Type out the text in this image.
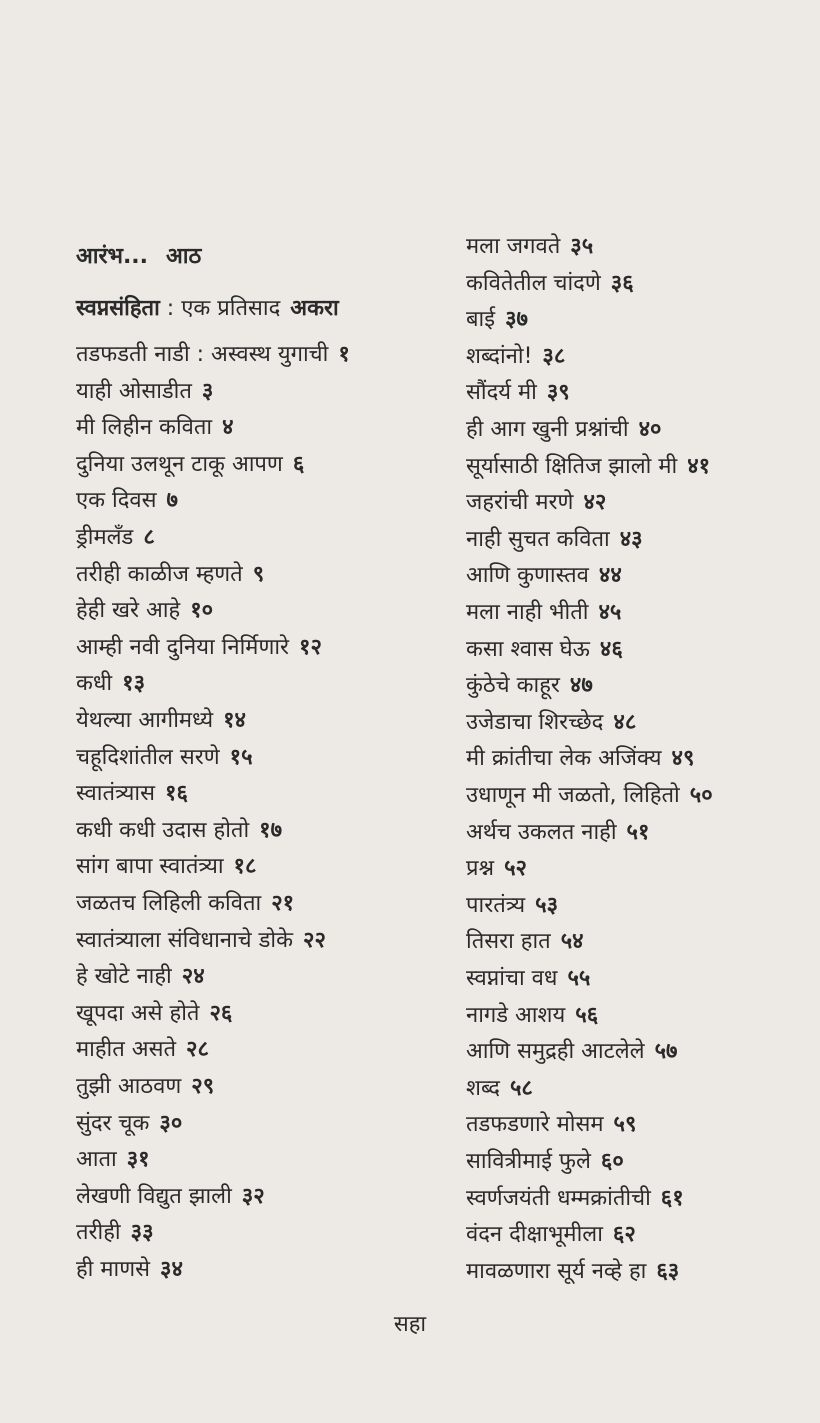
आरंभ... आठ
स्वप्नसंहिता : एक प्रतिसाद अकरा
तडफडती नाडी : अस्वस्थ युगाची १
याही ओसाडीत ३
मी लिहीन कविता ४
दुनिया उलथून टाकू आपण ६
एक दिवस ७
ड्रीमलँड ८
तरीही काळीज म्हणते ९
हेही खरे आहे १०
आम्ही नवी दुनिया निर्मिणारे १२
कधी १३
येथल्या आगीमध्ये १४
चहूदिशांतील सरणे १५
स्वातंत्र्यास १६
कधी कधी उदास होतो १७
सांग बापा स्वातंत्र्या १८
जळतच लिहिली कविता २१
स्वातंत्र्याला संविधानाचे डोके २२
हे खोटे नाही २४
खूपदा असे होते २६
माहीत असते २८
तुझी आठवण २९
सुंदर चूक ३०
आता ३१
लेखणी विद्युत झाली ३२
तरीही ३३
ही माणसे ३४
मला जगवते ३५
कवितेतील चांदणे ३६
बाई ३७
शब्दांनो! ३८
सौंदर्य मी ३९
ही आग खुनी प्रश्नांची ४०
सूर्यासाठी क्षितिज झालो मी ४१
जहरांची मरणे ४२
नाही सुचत कविता ४३
आणि कुणास्तव ४४
मला नाही भीती ४५
कसा श्वास घेऊ ४६
कुंठेचे काहूर ४७
उजेडाचा शिरच्छेद ४८
मी क्रांतीचा लेक अजिंक्य ४९
उधाणून मी जळतो, लिहितो ५०
अर्थच उकलत नाही ५१
प्रश्न ५२
पारतंत्र्य ५३
तिसरा हात ५४
स्वप्नांचा वध ५५
नागडे आशय ५६
आणि समुद्रही आटलेले ५७
शब्द ५८
तडफडणारे मोसम ५९
सावित्रीमाई फुले ६०
स्वर्णजयंती धम्मक्रांतीची ६१
वंदन दीक्षाभूमीला ६२
मावळणारा सूर्य नव्हे हा ६३
सहा
